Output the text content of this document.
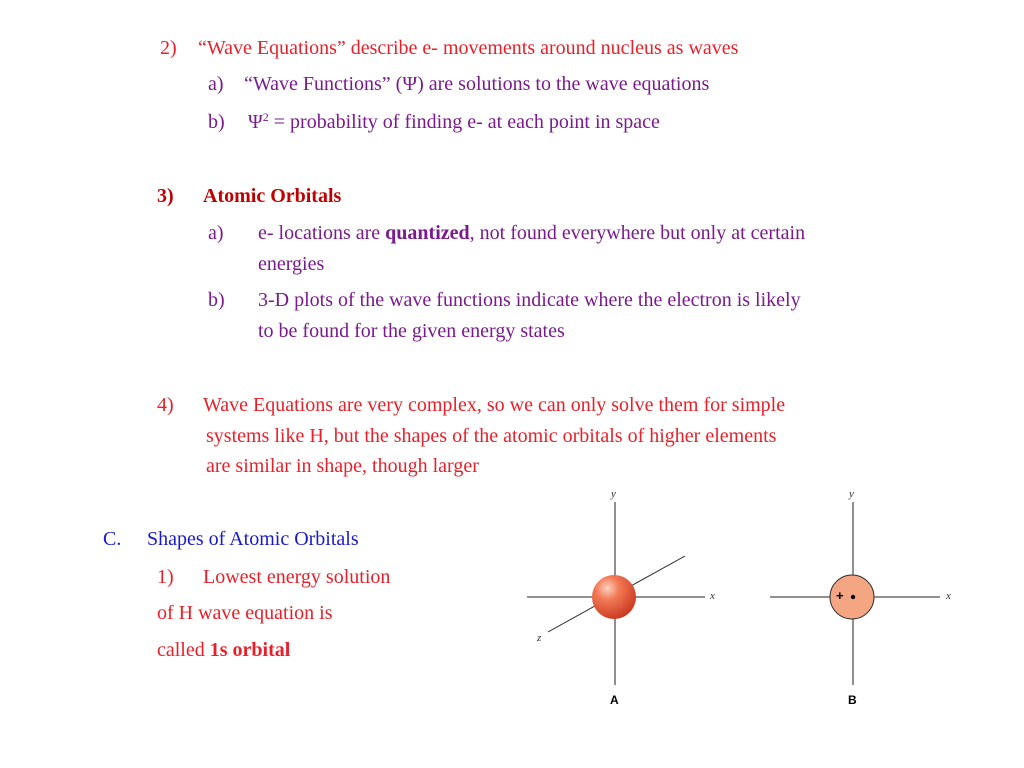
2) “Wave Equations” describe e- movements around nucleus as waves
a) “Wave Functions” (Ψ) are solutions to the wave equations
b) $\Psi^2$ = probability of finding e- at each point in space
3) Atomic Orbitals
a) e- locations are quantized, not found everywhere but only at certain
energies
b) 3-D plots of the wave functions indicate where the electron is likely
to be found for the given energy states
4) Wave Equations are very complex, so we can only solve them for simple
systems like H, but the shapes of the atomic orbitals of higher elements
are similar in shape, though larger
C. Shapes of Atomic Orbitals
1) Lowest energy solution
of H wave equation is
called 1s orbital
y
x
z
A
y
x
+
B
